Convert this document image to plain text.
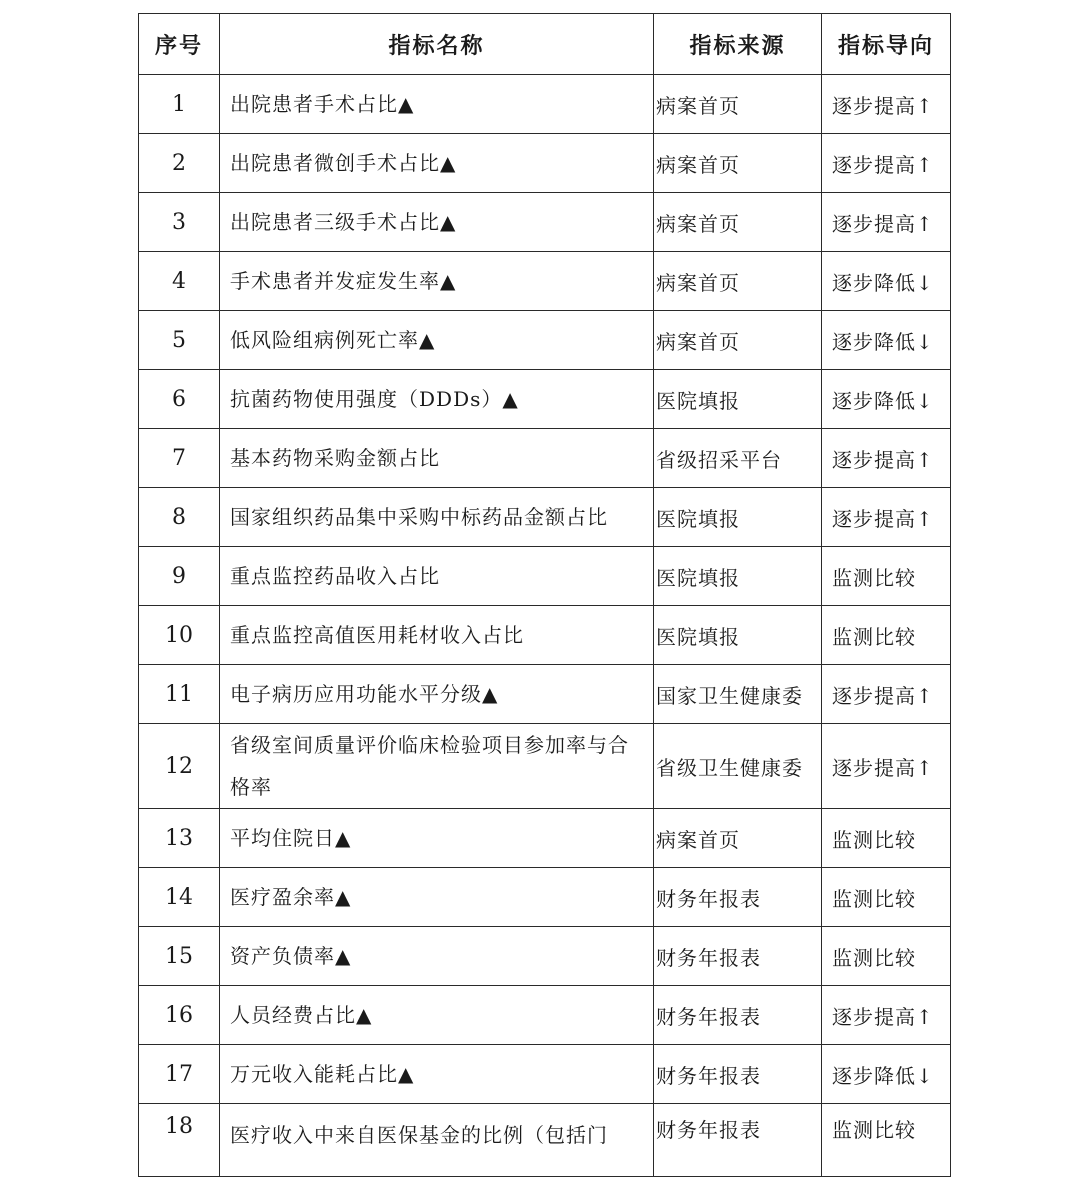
序号	指标名称	指标来源	指标导向
1	出院患者手术占比▲	病案首页	逐步提高↑
2	出院患者微创手术占比▲	病案首页	逐步提高↑
3	出院患者三级手术占比▲	病案首页	逐步提高↑
4	手术患者并发症发生率▲	病案首页	逐步降低↓
5	低风险组病例死亡率▲	病案首页	逐步降低↓
6	抗菌药物使用强度（DDDs）▲	医院填报	逐步降低↓
7	基本药物采购金额占比	省级招采平台	逐步提高↑
8	国家组织药品集中采购中标药品金额占比	医院填报	逐步提高↑
9	重点监控药品收入占比	医院填报	监测比较
10	重点监控高值医用耗材收入占比	医院填报	监测比较
11	电子病历应用功能水平分级▲	国家卫生健康委	逐步提高↑
12	省级室间质量评价临床检验项目参加率与合格率	省级卫生健康委	逐步提高↑
13	平均住院日▲	病案首页	监测比较
14	医疗盈余率▲	财务年报表	监测比较
15	资产负债率▲	财务年报表	监测比较
16	人员经费占比▲	财务年报表	逐步提高↑
17	万元收入能耗占比▲	财务年报表	逐步降低↓
18	医疗收入中来自医保基金的比例（包括门	财务年报表	监测比较
